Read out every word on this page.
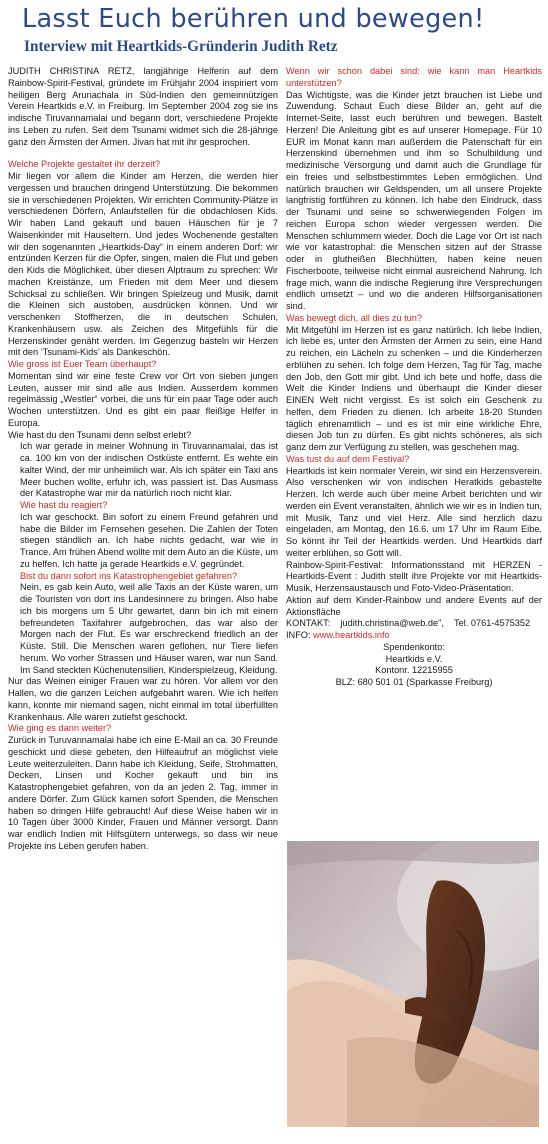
Lasst Euch berühren und bewegen!
Interview mit Heartkids-Gründerin Judith Retz

JUDITH CHRISTINA RETZ, langjährige Helferin auf dem Rainbow-Spirit-Festival, gründete im Frühjahr 2004 inspiriert vom heiligen Berg Arunachala in Süd-Indien den gemeinnützigen Verein Heartkids e.V. in Freiburg. Im September 2004 zog sie ins indische Tiruvannamalai und begann dort, verschiedene Projekte ins Leben zu rufen. Seit dem Tsunami widmet sich die 28-jährige ganz den Ärmsten der Armen. Jivan hat mit ihr gesprochen.

Welche Projekte gestaltet ihr derzeit?

Mir liegen vor allem die Kinder am Herzen, die werden hier vergessen und brauchen dringend Unterstützung. Die bekommen sie in verschiedenen Projekten. Wir errichten Community-Plätze in verschiedenen Dörfern, Anlaufstellen für die obdachlosen Kids. Wir haben Land gekauft und bauen Häuschen für je 7 Waisenkinder mit Hauseltern. Und jedes Wochenende gestalten wir den sogenannten „Heartkids-Day“ in einem anderen Dorf: wir entzünden Kerzen für die Opfer, singen, malen die Flut und geben den Kids die Möglichkeit, über diesen Alptraum zu sprechen: Wir machen Kreistänze, um Frieden mit dem Meer und diesem Schicksal zu schließen. Wir bringen Spielzeug und Musik, damit die Kleinen sich austoben, ausdrücken können. Und wir verschenken Stoffherzen, die in deutschen Schulen, Krankenhäusern usw. als Zeichen des Mitgefühls für die Herzenskinder genäht werden. Im Gegenzug basteln wir Herzen mit den ‘Tsunami-Kids’ als Dankeschön.

Wie gross ist Euer Team überhaupt?

Momentan sind wir eine feste Crew vor Ort von sieben jungen Leuten, ausser mir sind alle aus Indien. Ausserdem kommen regelmässig „Westler“ vorbei, die uns für ein paar Tage oder auch Wochen unterstützen. Und es gibt ein paar fleißige Helfer in Europa.

Wie hast du den Tsunami denn selbst erlebt?

Ich war gerade in meiner Wohnung in Tiruvannamalai, das ist ca. 100 km von der indischen Ostküste entfernt. Es wehte ein kalter Wind, der mir unheimlich war. Als ich später ein Taxi ans Meer buchen wollte, erfuhr ich, was passiert ist. Das Ausmass der Katastrophe war mir da natürlich noch nicht klar.

Wie hast du reagiert?

Ich war geschockt. Bin sofort zu einem Freund gefahren und habe die Bilder im Fernsehen gesehen. Die Zahlen der Toten stiegen ständlich an. Ich habe nichts gedacht, war wie in Trance. Am frühen Abend wollte mit dem Auto an die Küste, um zu helfen. Ich hatte ja gerade Heartkids e.V. gegründet.

Bist du dann sofort ins Katastrophengebiet gefahren?

Nein, es gab kein Auto, weil alle Taxis an der Küste waren, um die Touristen von dort ins Landesinnere zu bringen. Also habe ich bis morgens um 5 Uhr gewartet, dann bin ich mit einem befreundeten Taxifahrer aufgebrochen, das war also der Morgen nach der Flut. Es war erschreckend friedlich an der Küste. Still. Die Menschen waren geflohen, nur Tiere liefen herum. Wo vorher Strassen und Häuser waren, war nun Sand. Im Sand steckten Küchenutensilien, Kinderspielzeug, Kleidung.

Nur das Weinen einiger Frauen war zu hören. Vor allem vor den Hallen, wo die ganzen Leichen aufgebahrt waren. Wie ich helfen kann, konnte mir niemand sagen, nicht einmal im total überfüllten Krankenhaus. Alle waren zutiefst geschockt.

Wie ging es dann weiter?

Zurück in Turuvannamalai habe ich eine E-Mail an ca. 30 Freunde geschickt und diese gebeten, den Hilfeaufruf an möglichst viele Leute weiterzuleiten. Dann habe ich Kleidung, Seife, Strohmatten, Decken, Linsen und Kocher gekauft und bin ins Katastrophengebiet gefahren, von da an jeden 2. Tag, immer in andere Dörfer. Zum Glück kamen sofort Spenden, die Menschen haben so dringen Hilfe gebraucht! Auf diese Weise haben wir in 10 Tagen über 3000 Kinder, Frauen und Männer versorgt. Dann war endlich Indien mit Hilfsgütern unterwegs, so dass wir neue Projekte ins Leben gerufen haben.

Wenn wir schon dabei sind: wie kann man Heartkids unterstützen?

Das Wichtigste, was die Kinder jetzt brauchen ist Liebe und Zuwendung. Schaut Euch diese Bilder an, geht auf die Internet-Seite, lasst euch berühren und bewegen. Bastelt Herzen! Die Anleitung gibt es auf unserer Homepage. Für 10 EUR im Monat kann man außerdem die Patenschaft für ein Herzenskind übernehmen und ihm so Schulbildung und medizinische Versorgung und damit auch die Grundlage für ein freies und selbstbestimmtes Leben ermöglichen. Und natürlich brauchen wir Geldspenden, um all unsere Projekte langfristig fortführen zu können. Ich habe den Eindruck, dass der Tsunami und seine so schwerwiegenden Folgen im reichen Europa schon wieder vergessen werden. Die Menschen schlummern wieder. Doch die Lage vor Ort ist nach wie vor katastrophal: die Menschen sitzen auf der Strasse oder in glutheißen Blechhütten, haben keine neuen Fischerboote, teilweise nicht einmal ausreichend Nahrung. Ich frage mich, wann die indische Regierung ihre Versprechungen endlich umsetzt – und wo die anderen Hilfsorganisationen sind.

Was bewegt dich, all dies zu tun?

Mit Mitgefühl im Herzen ist es ganz natürlich. Ich liebe Indien, ich liebe es, unter den Ärmsten der Armen zu sein, eine Hand zu reichen, ein Lächeln zu schenken – und die Kinderherzen erblühen zu sehen. Ich folge dem Herzen, Tag für Tag, mache den Job, den Gott mir gibt. Und ich bete und hoffe, dass die Welt die Kinder Indiens und überhaupt die Kinder dieser EINEN Welt nicht vergisst. Es ist solch ein Geschenk zu helfen, dem Frieden zu dienen. Ich arbeite 18-20 Stunden täglich ehrenamtlich – und es ist mir eine wirkliche Ehre, diesen Job tun zu dürfen. Es gibt nichts schöneres, als sich ganz dem zur Verfügung zu stellen, was geschehen mag.

Was tust du auf dem Festival?

Heartkids ist kein normaler Verein, wir sind ein Herzensverein. Also verschenken wir von indischen Heratkids gebastelte Herzen. Ich werde auch über meine Arbeit berichten und wir werden ein Event veranstalten, ähnlich wie wir es in Indien tun, mit Musik, Tanz und viel Herz. Alle sind herzlich dazu eingeladen, am Montag, den 16.6. um 17 Uhr im Raum Eibe. So könnt ihr Teil der Heartkids werden. Und Heartkids darf weiter erblühen, so Gott will.

Rainbow-Spirit-Festival: Informationsstand mit HERZEN - Heartkids-Event : Judith stellt ihre Projekte vor mit Heartkids-Musik, Herzensaustausch und Foto-Video-Präsentation.

Aktion auf dem Kinder-Rainbow und andere Events auf der Aktionsfläche

KONTAKT: judith.christina@web.de", Tel. 0761-4575352

INFO: www.heartkids.info

Spendenkonto:

Heartkids e.V.

Kontonr. 12215955

BLZ: 680 501 01 (Sparkasse Freiburg)
